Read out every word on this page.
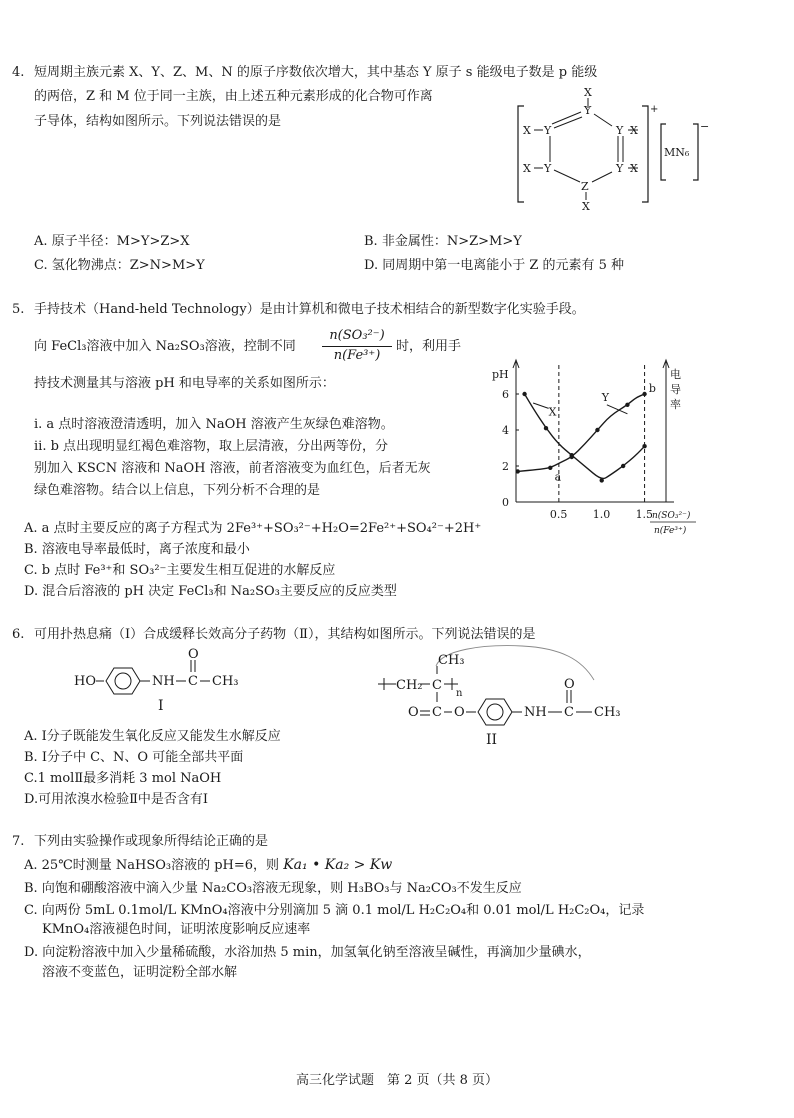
4. 短周期主族元素 X、Y、Z、M、N 的原子序数依次增大，其中基态 Y 原子 s 能级电子数是 p 能级
的两倍，Z 和 M 位于同一主族，由上述五种元素形成的化合物可作离
子导体，结构如图所示。下列说法错误的是
X
Y
Y
X	Y X
X Y	Y X
Z
X
+
MN₆
−
A. 原子半径：M>Y>Z>X	B. 非金属性：N>Z>M>Y
C. 氢化物沸点：Z>N>M>Y	D. 同周期中第一电离能小于 Z 的元素有 5 种
5. 手持技术（Hand-held Technology）是由计算机和微电子技术相结合的新型数字化实验手段。
向 FeCl₃溶液中加入 Na₂SO₃溶液，控制不同 $\frac{\text{n(SO₃²⁻)}}{\text{n(Fe³⁺)}}$ 时，利用手
持技术测量其与溶液 pH 和电导率的关系如图所示：
ⅰ. a 点时溶液澄清透明，加入 NaOH 溶液产生灰绿色难溶物。
ⅱ. b 点出现明显红褐色难溶物，取上层清液，分出两等份，分
别加入 KSCN 溶液和 NaOH 溶液，前者溶液变为血红色，后者无灰
绿色难溶物。结合以上信息，下列分析不合理的是
pH	电
导
率
0
2
4
6
0.5 1.0 1.5
n(SO₃²⁻)
n(Fe³⁺)
X
Y
a
b
A. a 点时主要反应的离子方程式为 2Fe³⁺+SO₃²⁻+H₂O=2Fe²⁺+SO₄²⁻+2H⁺
B. 溶液电导率最低时，离子浓度和最小
C. b 点时 Fe³⁺和 SO₃²⁻主要发生相互促进的水解反应
D. 混合后溶液的 pH 决定 FeCl₃和 Na₂SO₃主要反应的反应类型
6. 可用扑热息痛（Ⅰ）合成缓释长效高分子药物（Ⅱ），其结构如图所示。下列说法错误的是
HO	NH C
O
CH₃
I
CH₂ C
CH₃
n
O C O	NH C
O
CH₃
II
A. Ⅰ分子既能发生氧化反应又能发生水解反应
B. Ⅰ分子中 C、N、O 可能全部共平面
C.1 molⅡ最多消耗 3 mol NaOH
D.可用浓溴水检验Ⅱ中是否含有Ⅰ
7. 下列由实验操作或现象所得结论正确的是
A. 25℃时测量 NaHSO₃溶液的 pH=6，则 Ka₁ • Ka₂ > Kw
B. 向饱和硼酸溶液中滴入少量 Na₂CO₃溶液无现象，则 H₃BO₃与 Na₂CO₃不发生反应
C. 向两份 5mL 0.1mol/L KMnO₄溶液中分别滴加 5 滴 0.1 mol/L H₂C₂O₄和 0.01 mol/L H₂C₂O₄，记录
KMnO₄溶液褪色时间，证明浓度影响反应速率
D. 向淀粉溶液中加入少量稀硫酸，水浴加热 5 min，加氢氧化钠至溶液呈碱性，再滴加少量碘水，
溶液不变蓝色，证明淀粉全部水解
高三化学试题　第 2 页（共 8 页）
